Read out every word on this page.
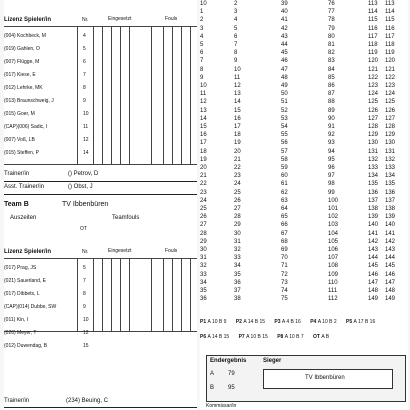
Lizenz Spieler/in	Nr.	Eingesetzt	Fouls
(004) Kochbeck, M	4
(019) Gahlen, O	5
(007) Flügge, M	6
(017) Kiese, E	7
(012) Lehrke, MK	8
(013) Braunschweig, J	9
(015) Goer, M	10
(CAP)(006) Sadic, I	11
(007) Voß, LB	12
(015) Steffen, P	14
Trainer/in	() Petrov, D
Asst. Trainer/in	() Obst, J
Team B	TV Ibbenbüren
Auszeiten	Teamfouls
OT
Lizenz Spieler/in	Nr.	Eingesetzt	Fouls
(017) Prag, JS	5
(021) Sauerland, E	7
(017) Dibbets, L	8
(CAP)(014) Dubbe, SW	9
(011) Kin, I	10
(026) Meyer, T	12
(012) Duwendag, B	15
Trainer/in	(234) Beuing, C
10	2	39	76	113	113
1	3	40	77	114	114
2	4	41	78	115	115
3	5	42	79	116	116
4	6	43	80	117	117
5	7	44	81	118	118
6	8	45	82	119	119
7	9	46	83	120	120
8	10	47	84	121	121
9	11	48	85	122	122
10	12	49	86	123	123
11	13	50	87	124	124
12	14	51	88	125	125
13	15	52	89	126	126
14	16	53	90	127	127
15	17	54	91	128	128
16	18	55	92	129	129
17	19	56	93	130	130
18	20	57	94	131	131
19	21	58	95	132	132
20	22	59	96	133	133
21	23	60	97	134	134
22	24	61	98	135	135
23	25	62	99	136	136
24	26	63	100	137	137
25	27	64	101	138	138
26	28	65	102	139	139
27	29	66	103	140	140
28	30	67	104	141	141
29	31	68	105	142	142
30	32	69	106	143	143
31	33	70	107	144	144
32	34	71	108	145	145
33	35	72	109	146	146
34	36	73	110	147	147
35	37	74	111	148	148
36	38	75	112	149	149
P1 A 10 B 9 P2 A 14 B 15 P3 A 4 B 16 P4 A 10 B 2 P5 A 17 B 16
P6 A 14 B 15 P7 A 10 B 15 P8 A 10 B 7 OT A B
Endergebnis	Sieger
A 79
B 95
TV Ibbenbüren
Kommissar/in
